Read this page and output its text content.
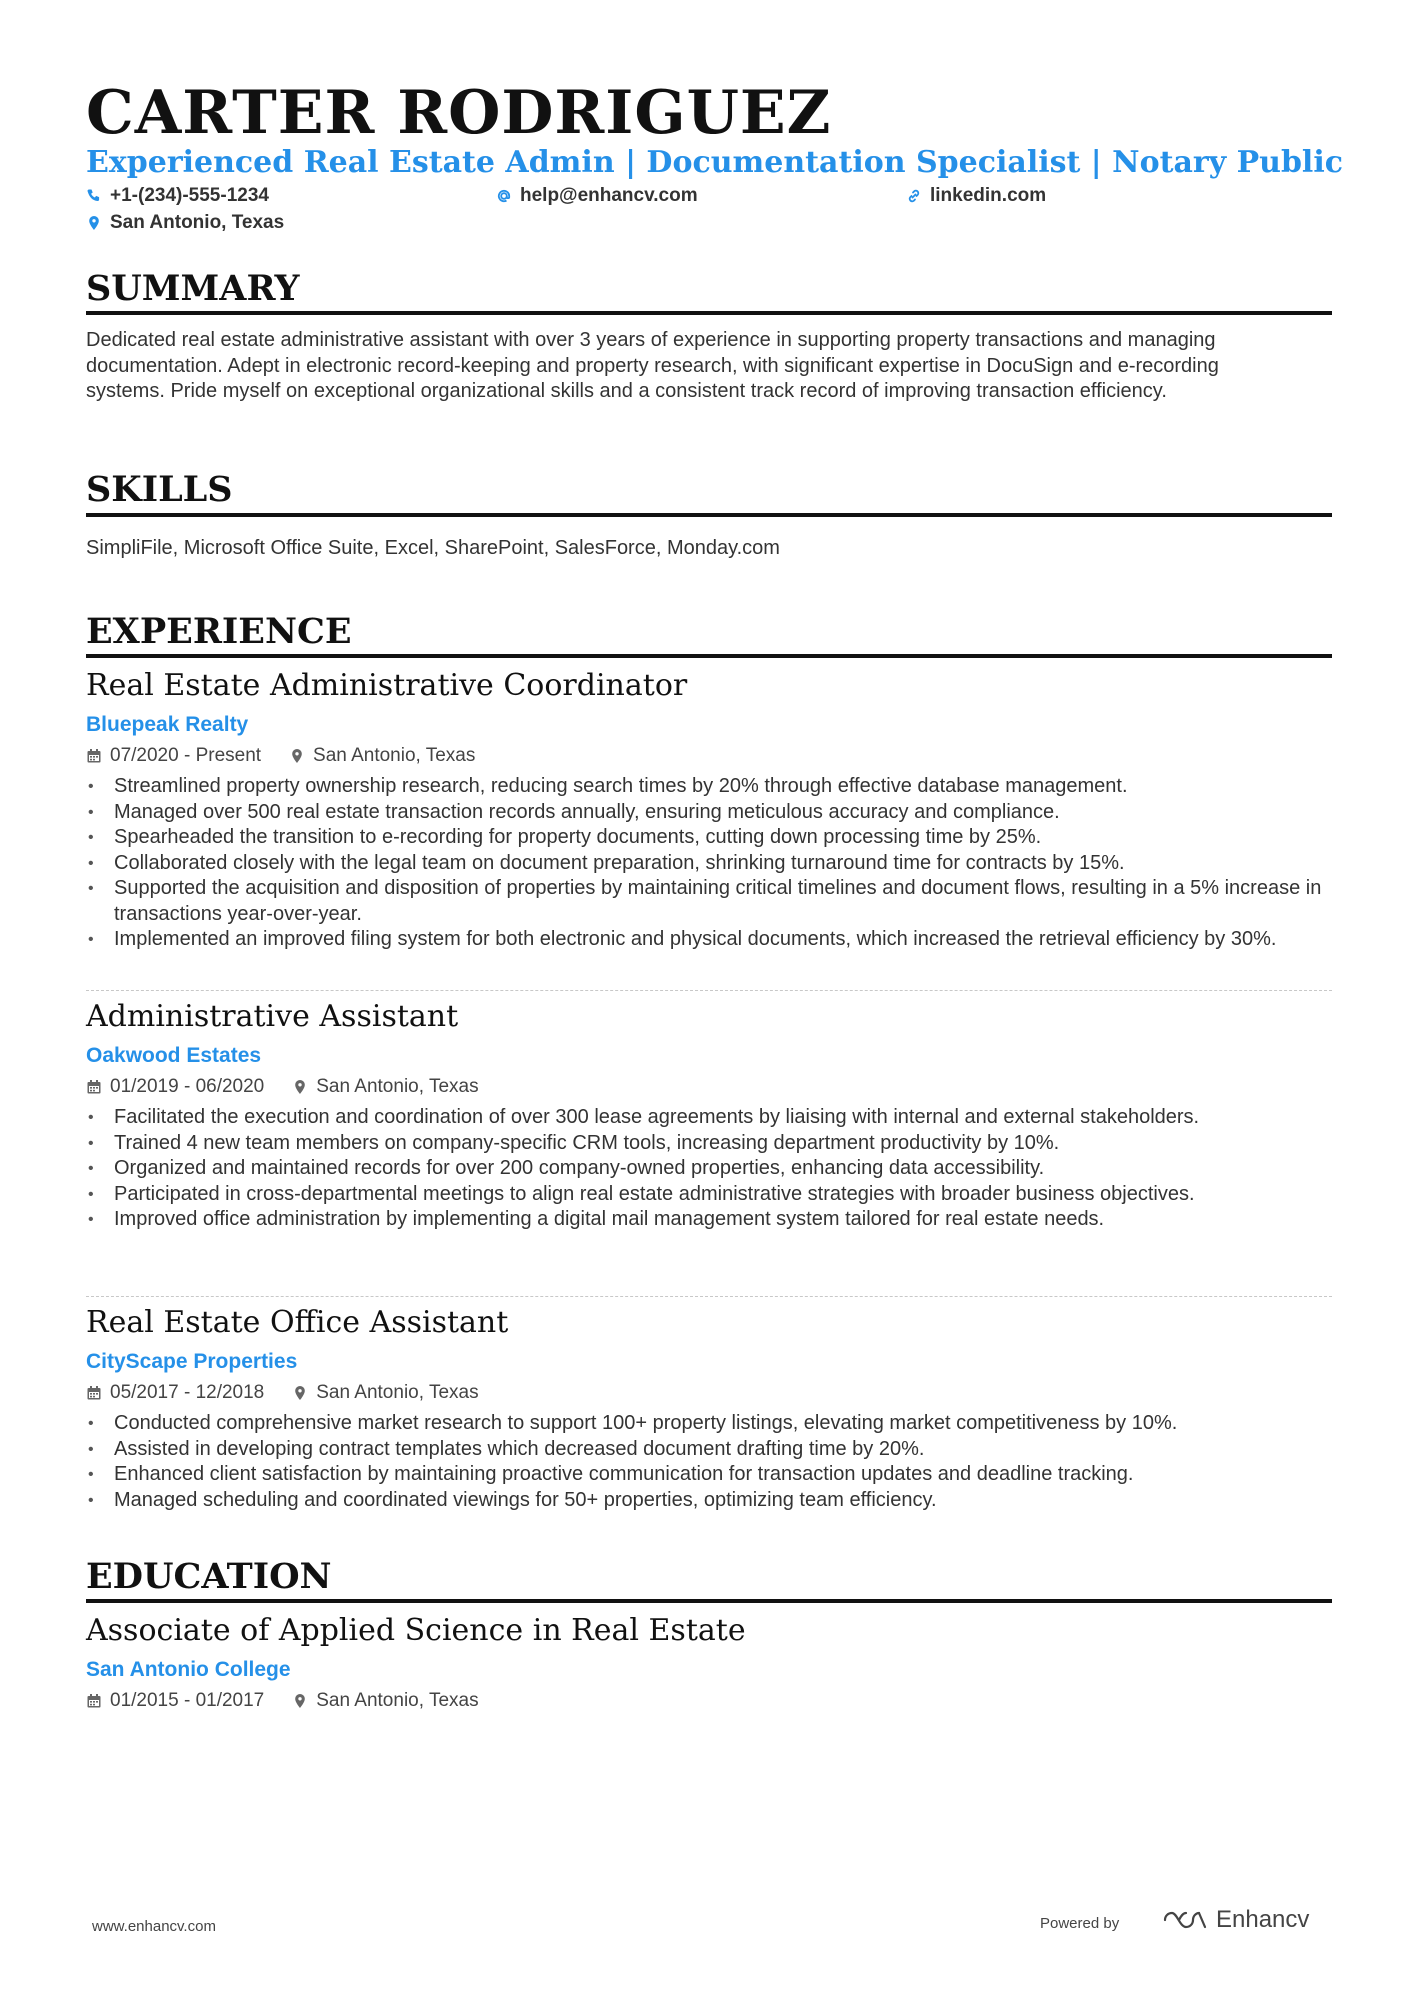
CARTER RODRIGUEZ
Experienced Real Estate Admin | Documentation Specialist | Notary Public
+1-(234)-555-1234	help@enhancv.com	linkedin.com
San Antonio, Texas
SUMMARY
Dedicated real estate administrative assistant with over 3 years of experience in supporting property transactions and managing documentation. Adept in electronic record-keeping and property research, with significant expertise in DocuSign and e-recording systems. Pride myself on exceptional organizational skills and a consistent track record of improving transaction efficiency.
SKILLS
SimpliFile, Microsoft Office Suite, Excel, SharePoint, SalesForce, Monday.com
EXPERIENCE
Real Estate Administrative Coordinator
Bluepeak Realty
07/2020 - Present	San Antonio, Texas
• Streamlined property ownership research, reducing search times by 20% through effective database management.
• Managed over 500 real estate transaction records annually, ensuring meticulous accuracy and compliance.
• Spearheaded the transition to e-recording for property documents, cutting down processing time by 25%.
• Collaborated closely with the legal team on document preparation, shrinking turnaround time for contracts by 15%.
• Supported the acquisition and disposition of properties by maintaining critical timelines and document flows, resulting in a 5% increase in transactions year-over-year.
• Implemented an improved filing system for both electronic and physical documents, which increased the retrieval efficiency by 30%.
Administrative Assistant
Oakwood Estates
01/2019 - 06/2020	San Antonio, Texas
• Facilitated the execution and coordination of over 300 lease agreements by liaising with internal and external stakeholders.
• Trained 4 new team members on company-specific CRM tools, increasing department productivity by 10%.
• Organized and maintained records for over 200 company-owned properties, enhancing data accessibility.
• Participated in cross-departmental meetings to align real estate administrative strategies with broader business objectives.
• Improved office administration by implementing a digital mail management system tailored for real estate needs.
Real Estate Office Assistant
CityScape Properties
05/2017 - 12/2018	San Antonio, Texas
• Conducted comprehensive market research to support 100+ property listings, elevating market competitiveness by 10%.
• Assisted in developing contract templates which decreased document drafting time by 20%.
• Enhanced client satisfaction by maintaining proactive communication for transaction updates and deadline tracking.
• Managed scheduling and coordinated viewings for 50+ properties, optimizing team efficiency.
EDUCATION
Associate of Applied Science in Real Estate
San Antonio College
01/2015 - 01/2017	San Antonio, Texas
www.enhancv.com	Powered by	Enhancv
